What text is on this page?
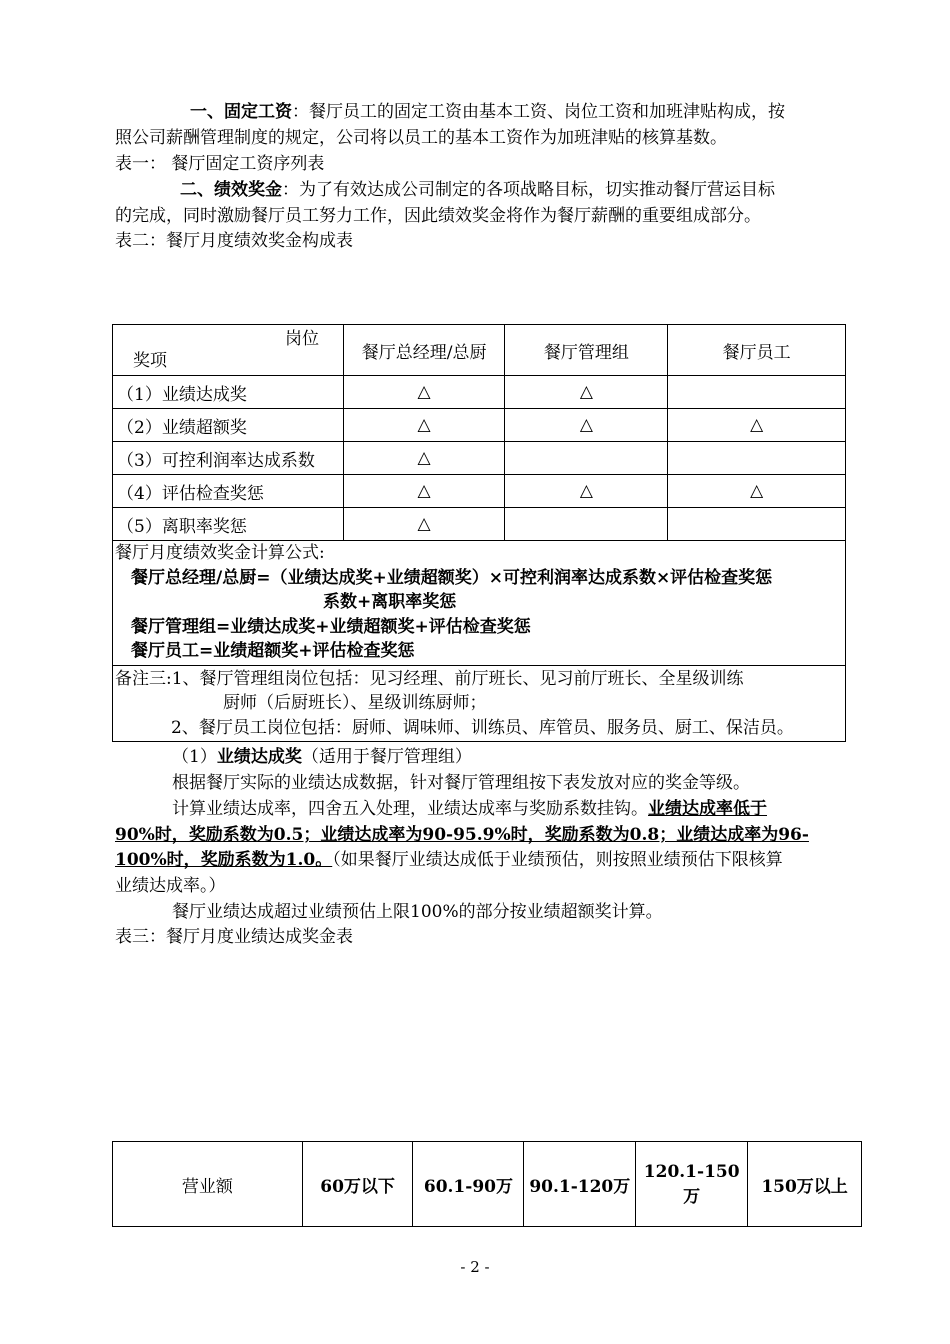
一、固定工资：餐厅员工的固定工资由基本工资、岗位工资和加班津贴构成，按
照公司薪酬管理制度的规定，公司将以员工的基本工资作为加班津贴的核算基数。
表一： 餐厅固定工资序列表
二、绩效奖金：为了有效达成公司制定的各项战略目标，切实推动餐厅营运目标
的完成，同时激励餐厅员工努力工作，因此绩效奖金将作为餐厅薪酬的重要组成部分。
表二：餐厅月度绩效奖金构成表
岗位
奖项	餐厅总经理/总厨	餐厅管理组	餐厅员工
（1）业绩达成奖	△	△	
（2）业绩超额奖	△	△	△
（3）可控利润率达成系数	△		
（4）评估检查奖惩	△	△	△
（5）离职率奖惩	△		

餐厅月度绩效奖金计算公式:
餐厅总经理/总厨=（业绩达成奖+业绩超额奖）×可控利润率达成系数×评估检查奖惩
系数+离职率奖惩
餐厅管理组=业绩达成奖+业绩超额奖+评估检查奖惩
餐厅员工=业绩超额奖+评估检查奖惩			

备注三:1、餐厅管理组岗位包括：见习经理、前厅班长、见习前厅班长、全星级训练
厨师（后厨班长）、星级训练厨师；
2、餐厅员工岗位包括：厨师、调味师、训练员、库管员、服务员、厨工、保洁员。			
（1）业绩达成奖（适用于餐厅管理组）
根据餐厅实际的业绩达成数据，针对餐厅管理组按下表发放对应的奖金等级。
计算业绩达成率，四舍五入处理，业绩达成率与奖励系数挂钩。业绩达成率低于
90%时，奖励系数为0.5；业绩达成率为90-95.9%时，奖励系数为0.8；业绩达成率为96-
100%时，奖励系数为1.0。（如果餐厅业绩达成低于业绩预估，则按照业绩预估下限核算
业绩达成率。）
餐厅业绩达成超过业绩预估上限100%的部分按业绩超额奖计算。
表三：餐厅月度业绩达成奖金表
营业额	60万以下	60.1-90万	90.1-120万	120.1-150万	150万以上
- 2 -
